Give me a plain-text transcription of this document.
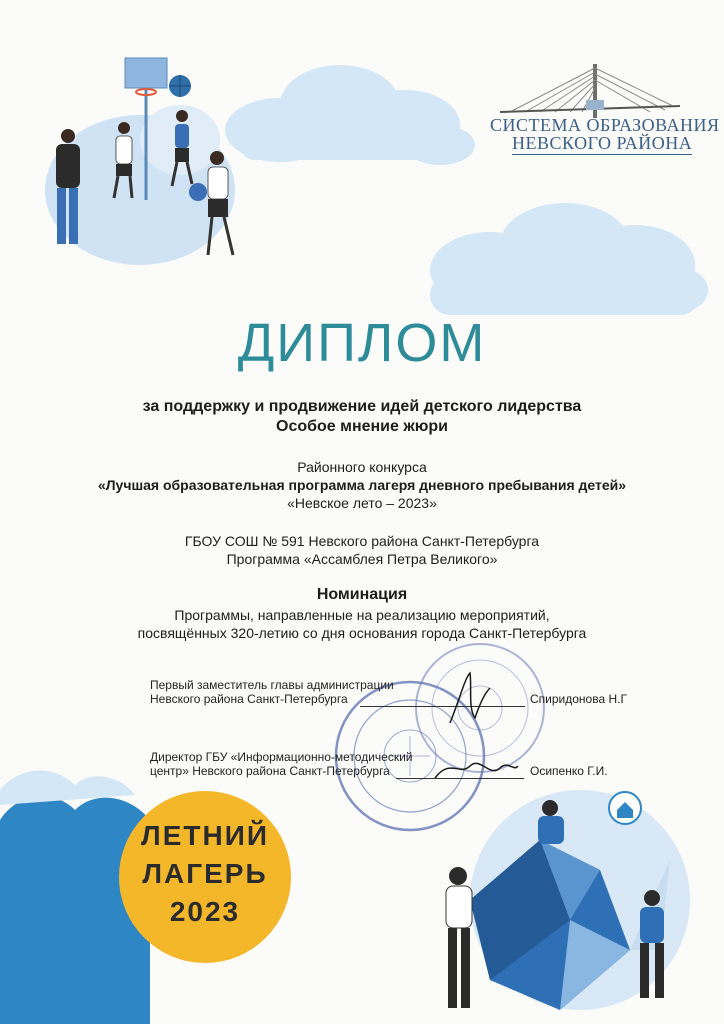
СИСТЕМА ОБРАЗОВАНИЯ
НЕВСКОГО РАЙОНА
ДИПЛОМ
за поддержку и продвижение идей детского лидерства
Особое мнение жюри
Районного конкурса
«Лучшая образовательная программа лагеря дневного пребывания детей»
«Невское лето – 2023»
ГБОУ СОШ № 591 Невского района Санкт-Петербурга
Программа «Ассамблея Петра Великого»
Номинация
Программы, направленные на реализацию мероприятий,
посвящённых 320-летию со дня основания города Санкт-Петербурга
Первый заместитель главы администрации
Невского района Санкт-Петербурга	Спиридонова Н.Г
Директор ГБУ «Информационно-методический
центр» Невского района Санкт-Петербурга	Осипенко Г.И.
ЛЕТНИЙ
ЛАГЕРЬ
2023
